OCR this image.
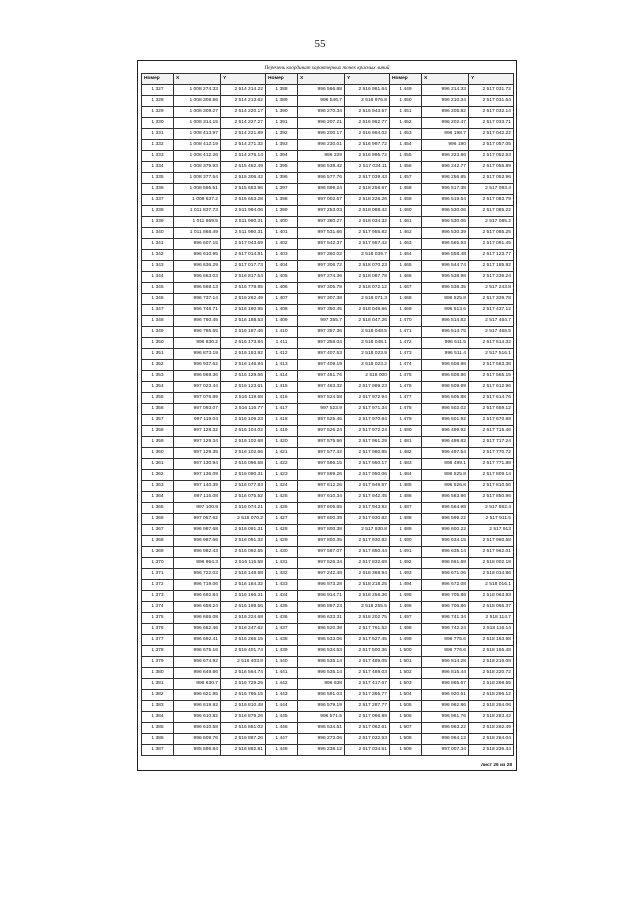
55
Перечень координат характерных точек красных линий
Номер	X	Y	Номер	X	Y	Номер	X	Y
1 327	1 008 274.33	2 514 214.22	1 388	996 566.88	2 516 981.64	1 449	996 214.33	2 517 031.72
1 328	1 008 308.56	2 514 213.62	1 389	996 546.7	2 516 976.8	1 450	996 210.34	2 517 031.64
1 329	1 008 309.27	2 514 220.17	1 390	996 270.34	2 516 943.57	1 451	996 205.82	2 517 032.14
1 330	1 008 314.15	2 514 227.27	1 391	996 207.21	2 516 962.77	1 452	996 202.47	2 517 033.71
1 331	1 008 413.97	2 514 221.89	1 392	996 200.17	2 516 994.02	1 453	996 198.7	2 517 042.22
1 332	1 008 412.19	2 514 271.32	1 393	996 230.01	2 516 997.72	1 454	996 190	2 517 057.05
1 333	1 008 412.26	2 514 275.14	1 394	996 229	2 516 995.72	1 455	996 223.86	2 517 052.53
1 334	1 008 379.93	2 515 462.49	1 395	996 538.42	2 517 034.11	1 456	996 242.77	2 517 055.89
1 335	1 008 377.54	2 515 306.42	1 396	996 577.76	2 517 039.43	1 457	996 256.85	2 517 053.96
1 336	1 008 595.51	2 515 653.96	1 397	996 899.24	2 518 258.67	1 458	996 517.38	2 517 083.4
1 337	1 008 637.2	2 515 653.28	1 398	997 002.67	2 518 226.26	1 459	996 519.54	2 517 083.79
1 338	1 011 837.73	2 511 994.06	1 399	997 253.03	2 518 088.42	1 460	996 530.06	2 517 085.22
1 339	1 011 869.5	2 511 990.31	1 400	997 380.27	2 518 034.32	1 461	996 530.06	2 517 085.2
1 340	1 011 868.49	2 511 990.31	1 401	997 531.66	2 517 955.82	1 462	996 530.39	2 517 085.25
1 341	996 607.15	2 517 043.69	1 402	997 542.37	2 517 957.42	1 463	996 565.93	2 517 091.45
1 342	996 610.95	2 517 014.81	1 403	997 360.02	2 518 039.7	1 464	996 558.48	2 517 123.77
1 343	996 636.29	2 517 017.73	1 404	997 306.72	2 518 070.23	1 465	996 544.74	2 517 185.92
1 344	996 663.03	2 516 817.54	1 405	997 274.36	2 518 087.78	1 466	996 538.98	2 517 236.24
1 345	996 668.13	2 516 778.95	1 406	997 305.78	2 518 072.12	1 467	996 538.35	2 517 243.8
1 346	996 737.14	2 516 262.49	1 407	997 307.38	2 518 071.3	1 468	996 525.8	2 517 339.78
1 347	996 746.71	2 516 190.95	1 408	997 350.45	2 518 048.66	1 469	996 513.6	2 517 437.12
1 348	996 760.45	2 516 188.53	1 409	997 355.7	2 518 047.26	1 470	996 514.82	2 517 464.7
1 349	996 786.55	2 516 187.46	1 410	997 357.36	2 518 048.5	1 471	996 514.75	2 517 468.5
1 350	996 830.2	2 516 173.84	1 411	997 358.04	2 518 048.1	1 472	996 511.5	2 517 514.32
1 351	996 873.19	2 516 163.92	1 412	997 407.53	2 518 023.9	1 473	996 511.4	2 517 516.1
1 352	996 937.62	2 516 146.84	1 413	997 409.19	2 518 023.2	1 474	996 508.98	2 517 583.38
1 353	996 969.36	2 516 129.66	1 414	997 451.76	2 518 000	1 475	996 508.86	2 517 565.15
1 354	997 023.44	2 516 123.61	1 415	997 463.32	2 517 989.23	1 476	996 509.99	2 517 612.96
1 355	997 076.89	2 516 119.68	1 416	997 524.58	2 517 972.94	1 477	996 505.88	2 517 614.76
1 356	997 093.07	2 516 116.77	1 417	997 523.9	2 517 971.34	1 478	996 502.02	2 517 659.12
1 357	997 119.04	2 516 109.23	1 418	997 525.46	2 517 970.84	1 479	996 501.92	2 517 670.88
1 358	997 128.32	2 516 104.02	1 419	997 526.24	2 517 972.24	1 480	996 499.92	2 517 715.46
1 359	997 129.34	2 516 102.68	1 420	997 575.56	2 517 961.29	1 481	996 499.82	2 517 717.24
1 360	997 129.35	2 516 102.66	1 421	997 577.42	2 517 960.85	1 482	996 497.54	2 517 770.72
1 361	997 130.94	2 516 096.58	1 422	997 596.15	2 517 950.17	1 483	996 499.1	2 517 771.88
1 362	997 136.09	2 516 090.31	1 423	997 599.26	2 517 950.06	1 484	996 525.8	2 517 809.14
1 363	997 140.39	2 516 077.84	1 424	997 612.26	2 517 949.57	1 485	996 526.8	2 517 810.56
1 364	997 115.08	2 516 075.52	1 425	997 610.34	2 517 942.45	1 486	996 583.96	2 517 850.96
1 365	997 100.9	2 516 074.21	1 426	997 605.65	2 517 943.82	1 487	996 564.98	2 517 862.4
1 366	997 057.62	2 516 070.2	1 427	997 600.39	2 517 930.82	1 488	996 599.22	2 517 911.5
1 367	996 987.68	2 516 091.31	1 428	997 800.38	2 517 930.8	1 489	996 600.22	2 517 913
1 368	996 987.66	2 516 091.32	1 429	997 800.35	2 517 930.82	1 490	996 634.15	2 517 960.58
1 369	996 982.43	2 516 092.55	1 430	997 587.07	2 517 850.44	1 491	996 635.14	2 517 962.01
1 370	996 864.3	2 516 115.58	1 431	997 526.34	2 517 832.69	1 492	996 661.68	2 518 002.18
1 371	996 722.03	2 516 148.98	1 432	997 242.48	2 518 368.94	1 493	996 671.06	2 518 014.86
1 372	996 719.06	2 516 164.32	1 433	996 973.28	2 518 218.25	1 494	996 672.08	2 518 016.1
1 373	996 692.84	2 516 166.31	1 434	996 914.71	2 518 256.36	1 495	996 705.88	2 518 063.93
1 374	996 658.24	2 516 198.56	1 435	996 897.23	2 518 255.5	1 496	996 706.86	2 518 065.37
1 375	996 665.08	2 516 224.68	1 436	996 633.31	2 518 202.75	1 497	996 741.34	2 518 114.7
1 376	996 682.46	2 516 247.62	1 437	996 520.38	2 517 761.52	1 498	996 742.24	2 518 116.14
1 377	996 692.41	2 516 265.15	1 438	996 533.06	2 517 527.45	1 499	996 775.6	2 518 163.98
1 378	996 675.16	2 516 401.74	1 439	996 534.53	2 517 500.36	1 500	996 776.6	2 518 165.48
1 379	996 674.92	2 516 403.8	1 440	996 535.14	2 517 489.05	1 501	996 814.28	2 518 216.08
1 380	996 649.86	2 516 564.74	1 441	996 535.14	2 517 489.03	1 502	996 815.44	2 518 220.72
1 381	996 630.7	2 516 729.25	1 442	996 638	2 517 417.67	1 503	996 865.67	2 518 298.55
1 382	996 621.95	2 516 795.15	1 443	996 591.03	2 517 365.77	1 504	996 920.61	2 518 296.12
1 383	996 619.92	2 516 810.48	1 444	996 579.19	2 517 287.77	1 505	996 962.86	2 518 264.06
1 384	996 610.82	2 516 879.26	1 445	996 571.5	2 517 066.89	1 506	996 961.76	2 518 263.42
1 385	996 610.58	2 516 881.02	1 446	996 534.51	2 517 062.61	1 507	996 963.22	2 518 262.49
1 386	996 609.76	2 516 887.26	1 447	996 273.06	2 517 032.53	1 508	996 964.12	2 518 264.04
1 387	995 596.84	2 516 892.81	1 448	996 238.12	2 517 034.51	1 509	997 007.34	2 518 236.44
лист 26 из 28
